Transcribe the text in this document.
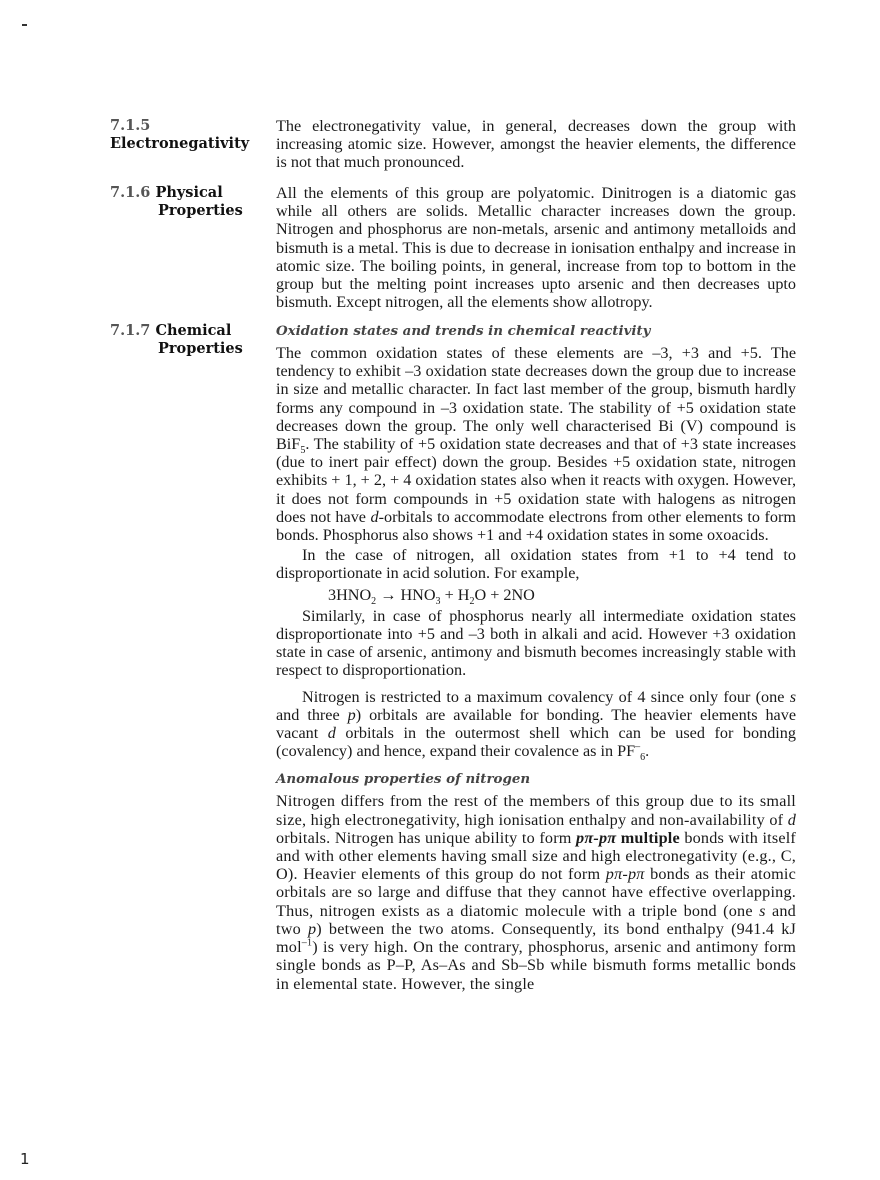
7.1.5
Electronegativity

The electronegativity value, in general, decreases down the group with increasing atomic size. However, amongst the heavier elements, the difference is not that much pronounced.

7.1.6 Physical
Properties

All the elements of this group are polyatomic. Dinitrogen is a diatomic gas while all others are solids. Metallic character increases down the group. Nitrogen and phosphorus are non-metals, arsenic and antimony metalloids and bismuth is a metal. This is due to decrease in ionisation enthalpy and increase in atomic size. The boiling points, in general, increase from top to bottom in the group but the melting point increases upto arsenic and then decreases upto bismuth. Except nitrogen, all the elements show allotropy.

7.1.7 Chemical
Properties
Oxidation states and trends in chemical reactivity

The common oxidation states of these elements are –3, +3 and +5. The tendency to exhibit –3 oxidation state decreases down the group due to increase in size and metallic character. In fact last member of the group, bismuth hardly forms any compound in –3 oxidation state. The stability of +5 oxidation state decreases down the group. The only well characterised Bi (V) compound is BiF$_5$. The stability of +5 oxidation state decreases and that of +3 state increases (due to inert pair effect) down the group. Besides +5 oxidation state, nitrogen exhibits + 1, + 2, + 4 oxidation states also when it reacts with oxygen. However, it does not form compounds in +5 oxidation state with halogens as nitrogen does not have d-orbitals to accommodate electrons from other elements to form bonds. Phosphorus also shows +1 and +4 oxidation states in some oxoacids.

In the case of nitrogen, all oxidation states from +1 to +4 tend to disproportionate in acid solution. For example,

$3HNO_2 \to HNO_3 + H_2O + 2NO$

Similarly, in case of phosphorus nearly all intermediate oxidation states disproportionate into +5 and –3 both in alkali and acid. However +3 oxidation state in case of arsenic, antimony and bismuth becomes increasingly stable with respect to disproportionation.

Nitrogen is restricted to a maximum covalency of 4 since only four (one s and three p) orbitals are available for bonding. The heavier elements have vacant d orbitals in the outermost shell which can be used for bonding (covalency) and hence, expand their covalence as in $PF^-_6$.

Anomalous properties of nitrogen

Nitrogen differs from the rest of the members of this group due to its small size, high electronegativity, high ionisation enthalpy and non-availability of d orbitals. Nitrogen has unique ability to form pπ-pπ multiple bonds with itself and with other elements having small size and high electronegativity (e.g., C, O). Heavier elements of this group do not form pπ-pπ bonds as their atomic orbitals are so large and diffuse that they cannot have effective overlapping. Thus, nitrogen exists as a diatomic molecule with a triple bond (one s and two p) between the two atoms. Consequently, its bond enthalpy (941.4 kJ mol$^{-1}$) is very high. On the contrary, phosphorus, arsenic and antimony form single bonds as P–P, As–As and Sb–Sb while bismuth forms metallic bonds in elemental state. However, the single

1
